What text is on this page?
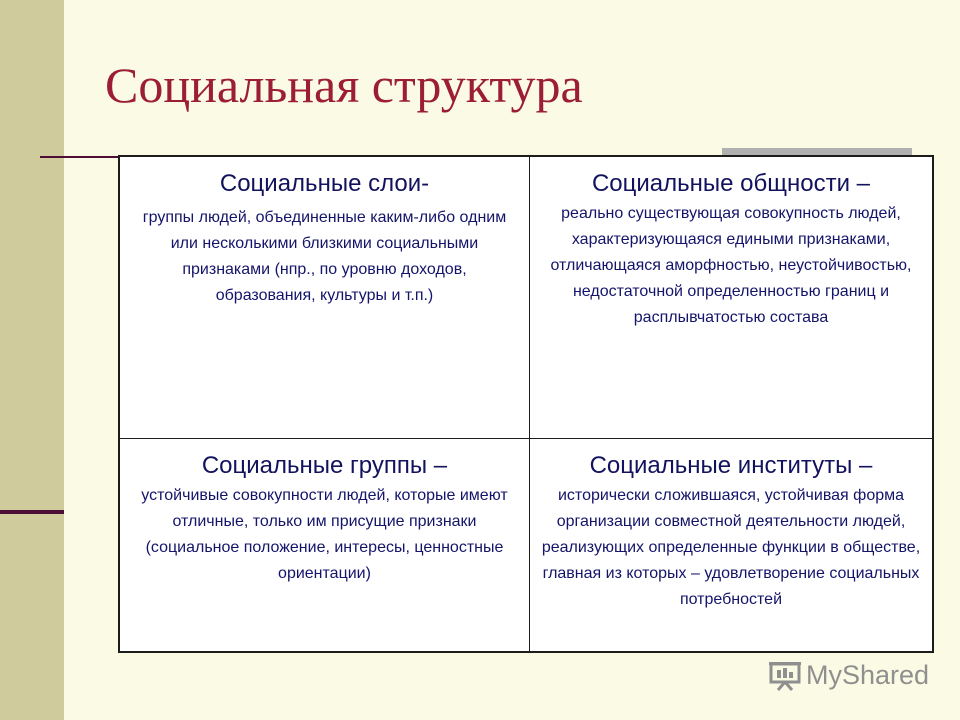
Социальная структура
Социальные слои-
группы людей, объединенные каким-либо одним или несколькими близкими социальными признаками (нпр., по уровню доходов, образования, культуры и т.п.)
Социальные общности –
реально существующая совокупность людей, характеризующаяся едиными признаками, отличающаяся аморфностью, неустойчивостью, недостаточной определенностью границ и расплывчатостью состава
Социальные группы –
устойчивые совокупности людей, которые имеют отличные, только им присущие признаки (социальное положение, интересы, ценностные ориентации)
Социальные институты –
исторически сложившаяся, устойчивая форма организации совместной деятельности людей, реализующих определенные функции в обществе, главная из которых – удовлетворение социальных потребностей
MyShared
